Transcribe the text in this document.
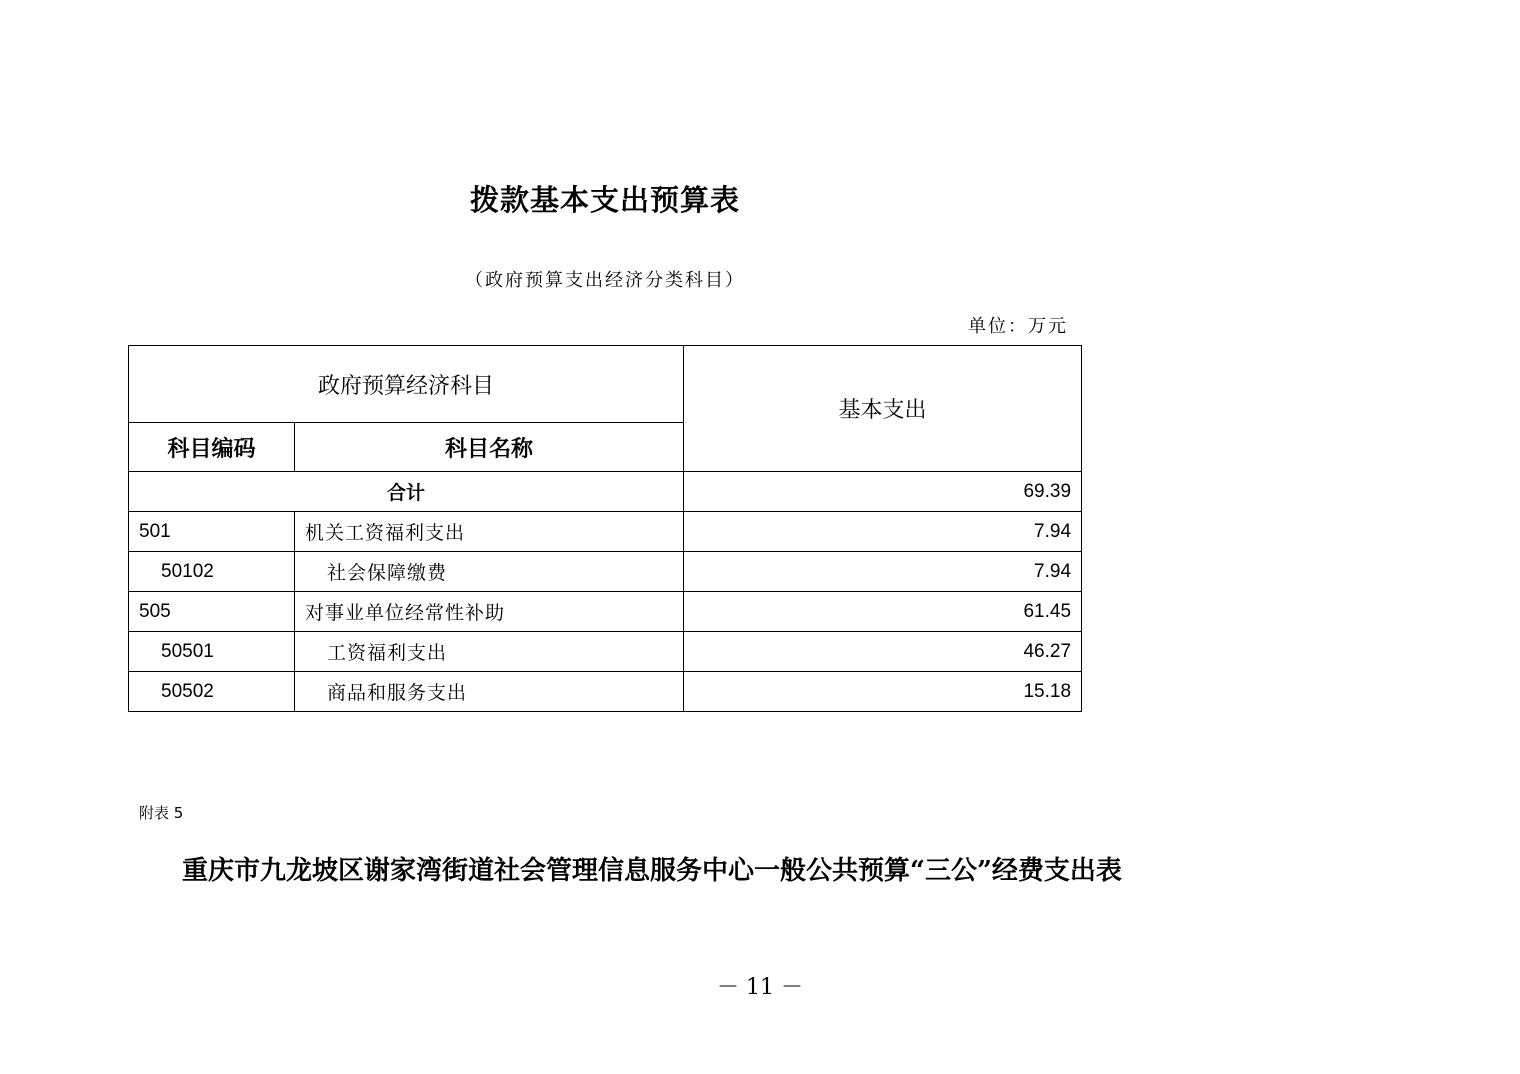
拨款基本支出预算表
（政府预算支出经济分类科目）
单位：万元
政府预算经济科目		基本支出
科目编码	科目名称	
合计		69.39
501	机关工资福利支出	7.94
50102	社会保障缴费	7.94
505	对事业单位经常性补助	61.45
50501	工资福利支出	46.27
50502	商品和服务支出	15.18
附表 5
重庆市九龙坡区谢家湾街道社会管理信息服务中心一般公共预算“三公”经费支出表
－ 11 －
